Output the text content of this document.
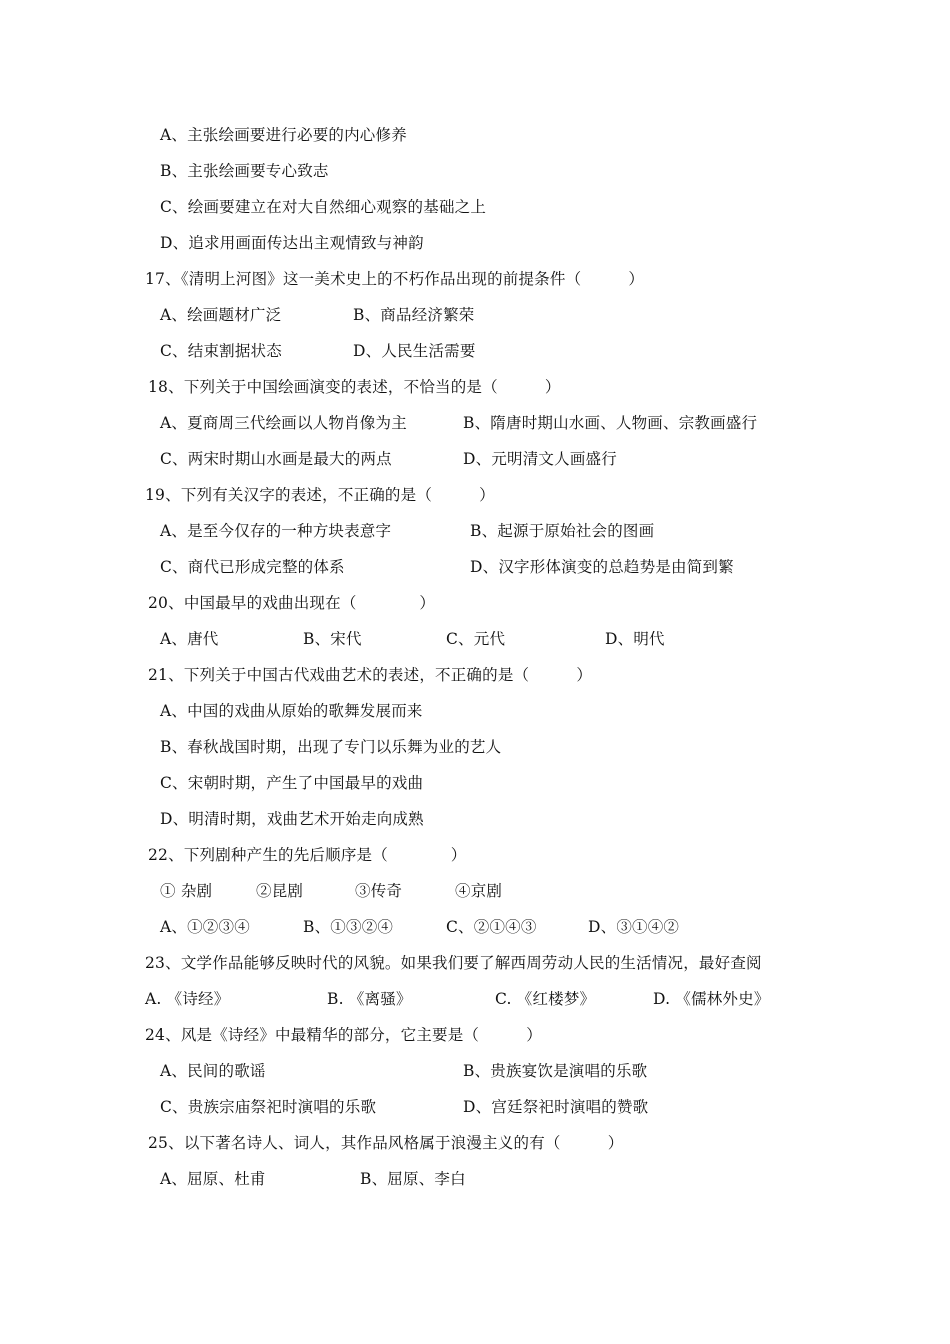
A、主张绘画要进行必要的内心修养
B、主张绘画要专心致志
C、绘画要建立在对大自然细心观察的基础之上
D、追求用画面传达出主观情致与神韵
17、《清明上河图》这一美术史上的不朽作品出现的前提条件（　　　）
A、绘画题材广泛	B、商品经济繁荣
C、结束割据状态	D、人民生活需要
18、下列关于中国绘画演变的表述，不恰当的是（　　　）
A、夏商周三代绘画以人物肖像为主	B、隋唐时期山水画、人物画、宗教画盛行
C、两宋时期山水画是最大的两点	D、元明清文人画盛行
19、下列有关汉字的表述，不正确的是（　　　）
A、是至今仅存的一种方块表意字	B、起源于原始社会的图画
C、商代已形成完整的体系	D、汉字形体演变的总趋势是由简到繁
20、中国最早的戏曲出现在（　　　　）
A、唐代	B、宋代	C、元代	D、明代
21、下列关于中国古代戏曲艺术的表述，不正确的是（　　　）
A、中国的戏曲从原始的歌舞发展而来
B、春秋战国时期，出现了专门以乐舞为业的艺人
C、宋朝时期，产生了中国最早的戏曲
D、明清时期，戏曲艺术开始走向成熟
22、下列剧种产生的先后顺序是（　　　　）
① 杂剧	②昆剧	③传奇	④京剧
A、①②③④	B、①③②④	C、②①④③	D、③①④②
23、文学作品能够反映时代的风貌。如果我们要了解西周劳动人民的生活情况，最好查阅
A. 《诗经》	B. 《离骚》	C. 《红楼梦》	D. 《儒林外史》
24、风是《诗经》中最精华的部分，它主要是（　　　）
A、民间的歌谣	B、贵族宴饮是演唱的乐歌
C、贵族宗庙祭祀时演唱的乐歌	D、宫廷祭祀时演唱的赞歌
25、以下著名诗人、词人，其作品风格属于浪漫主义的有（　　　）
A、屈原、杜甫	B、屈原、李白
